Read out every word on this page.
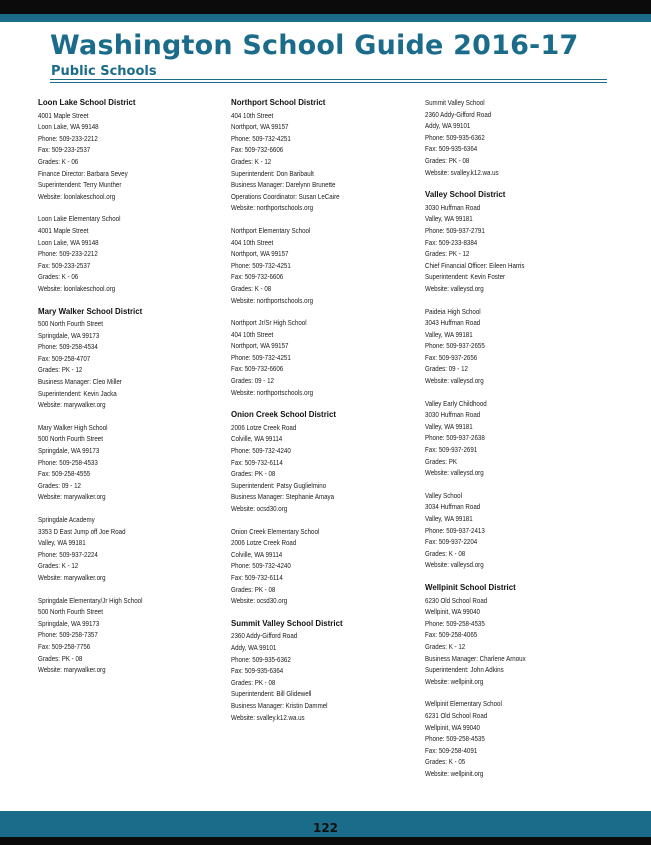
Washington School Guide 2016-17
Public Schools
Loon Lake School District
4001 Maple Street
Loon Lake, WA 99148
Phone: 509-233-2212
Fax: 509-233-2537
Grades: K - 06
Finance Director: Barbara Sevey
Superintendent: Terry Munther
Website: loonlakeschool.org
Loon Lake Elementary School
4001 Maple Street
Loon Lake, WA 99148
Phone: 509-233-2212
Fax: 509-233-2537
Grades: K - 06
Website: loonlakeschool.org
Mary Walker School District
500 North Fourth Street
Springdale, WA 99173
Phone: 509-258-4534
Fax: 509-258-4707
Grades: PK - 12
Business Manager: Cleo Miller
Superintendent: Kevin Jacka
Website: marywalker.org
Mary Walker High School
500 North Fourth Street
Springdale, WA 99173
Phone: 509-258-4533
Fax: 509-258-4555
Grades: 09 - 12
Website: marywalker.org
Springdale Academy
3353 D East Jump off Joe Road
Valley, WA 99181
Phone: 509-937-2224
Grades: K - 12
Website: marywalker.org
Springdale Elementary/Jr High School
500 North Fourth Street
Springdale, WA 99173
Phone: 509-258-7357
Fax: 509-258-7756
Grades: PK - 08
Website: marywalker.org
Northport School District
404 10th Street
Northport, WA 99157
Phone: 509-732-4251
Fax: 509-732-6606
Grades: K - 12
Superintendent: Don Baribault
Business Manager: Darelynn Brunette
Operations Coordinator: Susan LeCaire
Website: northportschools.org
Northport Elementary School
404 10th Street
Northport, WA 99157
Phone: 509-732-4251
Fax: 509-732-6606
Grades: K - 08
Website: northportschools.org
Northport Jr/Sr High School
404 10th Street
Northport, WA 99157
Phone: 509-732-4251
Fax: 509-732-6606
Grades: 09 - 12
Website: northportschools.org
Onion Creek School District
2006 Lotze Creek Road
Colville, WA 99114
Phone: 509-732-4240
Fax: 509-732-6114
Grades: PK - 08
Superintendent: Patsy Guglielmino
Business Manager: Stephanie Amaya
Website: ocsd30.org
Onion Creek Elementary School
2006 Lotze Creek Road
Colville, WA 99114
Phone: 509-732-4240
Fax: 509-732-6114
Grades: PK - 08
Website: ocsd30.org
Summit Valley School District
2360 Addy-Gifford Road
Addy, WA 99101
Phone: 509-935-6362
Fax: 509-935-6364
Grades: PK - 08
Superintendent: Bill Glidewell
Business Manager: Kristin Dammel
Website: svalley.k12.wa.us
Summit Valley School
2360 Addy-Gifford Road
Addy, WA 99101
Phone: 509-935-6362
Fax: 509-935-6364
Grades: PK - 08
Website: svalley.k12.wa.us
Valley School District
3030 Huffman Road
Valley, WA 99181
Phone: 509-937-2791
Fax: 509-233-8384
Grades: PK - 12
Chief Financial Officer: Eileen Harris
Superintendent: Kevin Foster
Website: valleysd.org
Paideia High School
3043 Huffman Road
Valley, WA 99181
Phone: 509-937-2655
Fax: 509-937-2656
Grades: 09 - 12
Website: valleysd.org
Valley Early Childhood
3030 Huffman Road
Valley, WA 99181
Phone: 509-937-2638
Fax: 509-937-2691
Grades: PK
Website: valleysd.org
Valley School
3034 Huffman Road
Valley, WA 99181
Phone: 509-937-2413
Fax: 509-937-2204
Grades: K - 08
Website: valleysd.org
Wellpinit School District
6230 Old School Road
Wellpinit, WA 99040
Phone: 509-258-4535
Fax: 509-258-4065
Grades: K - 12
Business Manager: Charlene Arnoux
Superintendent: John Adkins
Website: wellpinit.org
Wellpinit Elementary School
6231 Old School Road
Wellpinit, WA 99040
Phone: 509-258-4535
Fax: 509-258-4091
Grades: K - 05
Website: wellpinit.org
122
